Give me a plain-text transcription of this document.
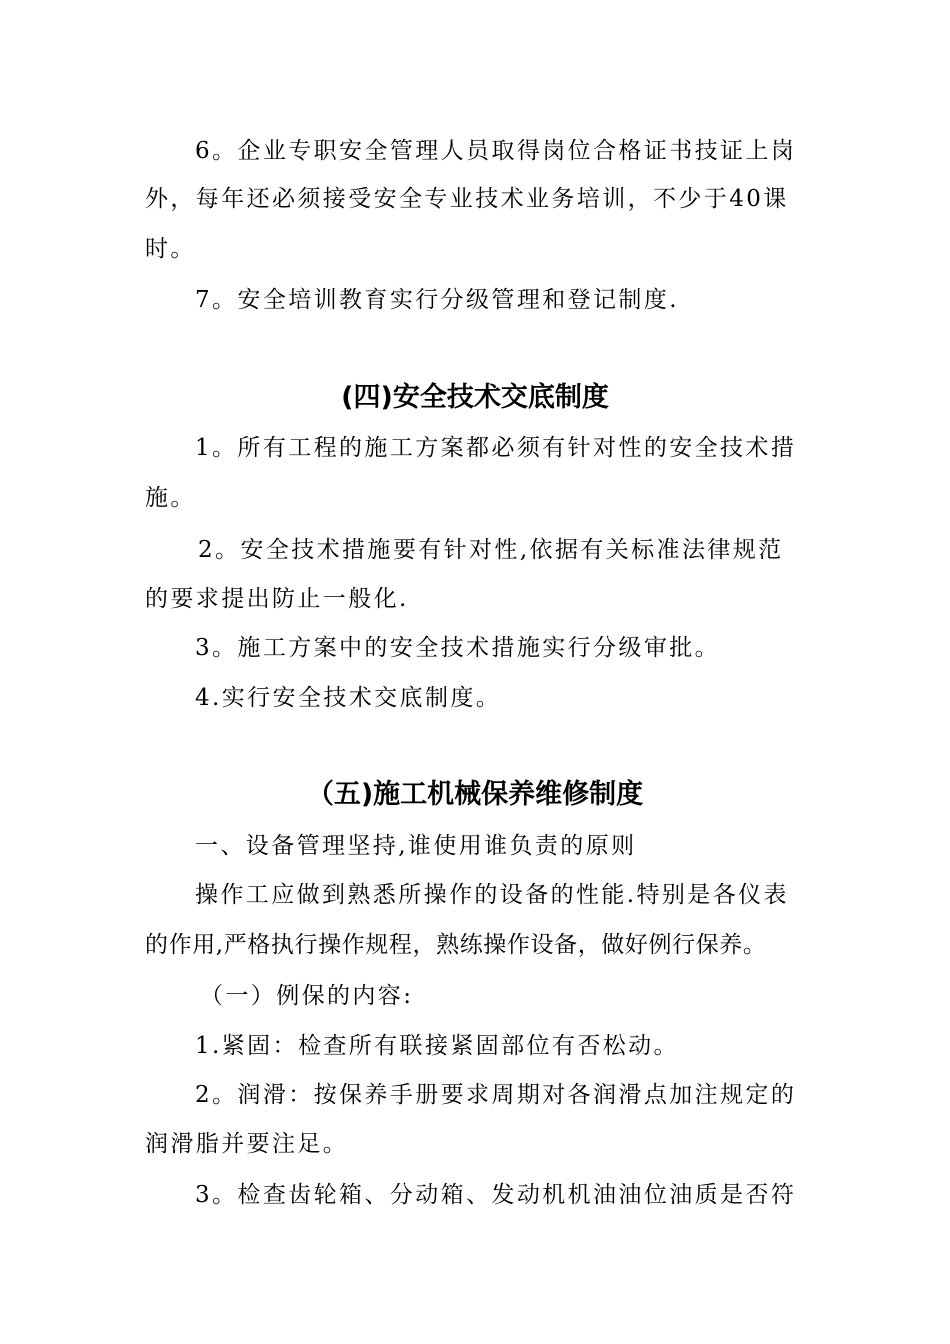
6。企业专职安全管理人员取得岗位合格证书技证上岗
外，每年还必须接受安全专业技术业务培训，不少于40课
时。
7。安全培训教育实行分级管理和登记制度.
(四)安全技术交底制度
1。所有工程的施工方案都必须有针对性的安全技术措
施。
2。安全技术措施要有针对性,依据有关标准法律规范
的要求提出防止一般化.
3。施工方案中的安全技术措施实行分级审批。
4.实行安全技术交底制度。
（五)施工机械保养维修制度
一、设备管理坚持,谁使用谁负责的原则
操作工应做到熟悉所操作的设备的性能.特别是各仪表
的作用,严格执行操作规程，熟练操作设备，做好例行保养。
（一）例保的内容:
1.紧固：检查所有联接紧固部位有否松动。
2。润滑：按保养手册要求周期对各润滑点加注规定的
润滑脂并要注足。
3。检查齿轮箱、分动箱、发动机机油油位油质是否符
